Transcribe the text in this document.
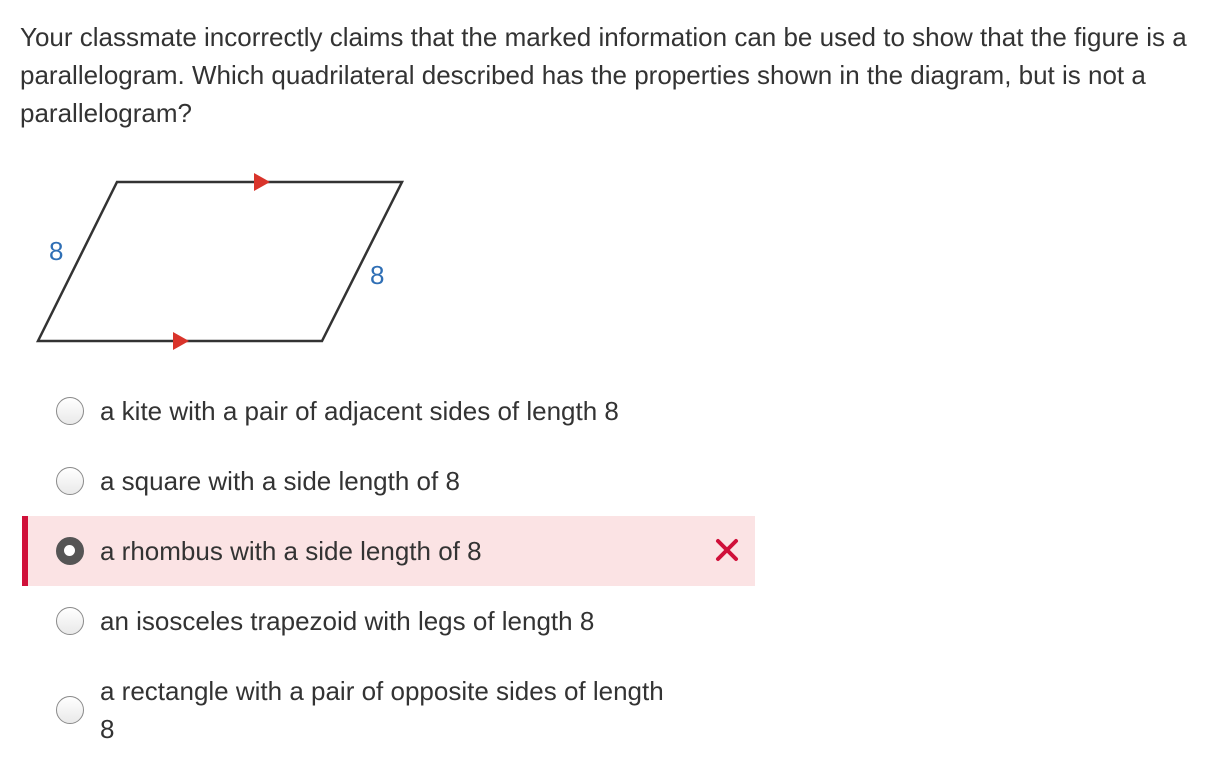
Your classmate incorrectly claims that the marked information can be used to show that the figure is a parallelogram. Which quadrilateral described has the properties shown in the diagram, but is not a parallelogram?

8
8
a kite with a pair of adjacent sides of length 8
a square with a side length of 8
a rhombus with a side length of 8
an isosceles trapezoid with legs of length 8
a rectangle with a pair of opposite sides of length 8
